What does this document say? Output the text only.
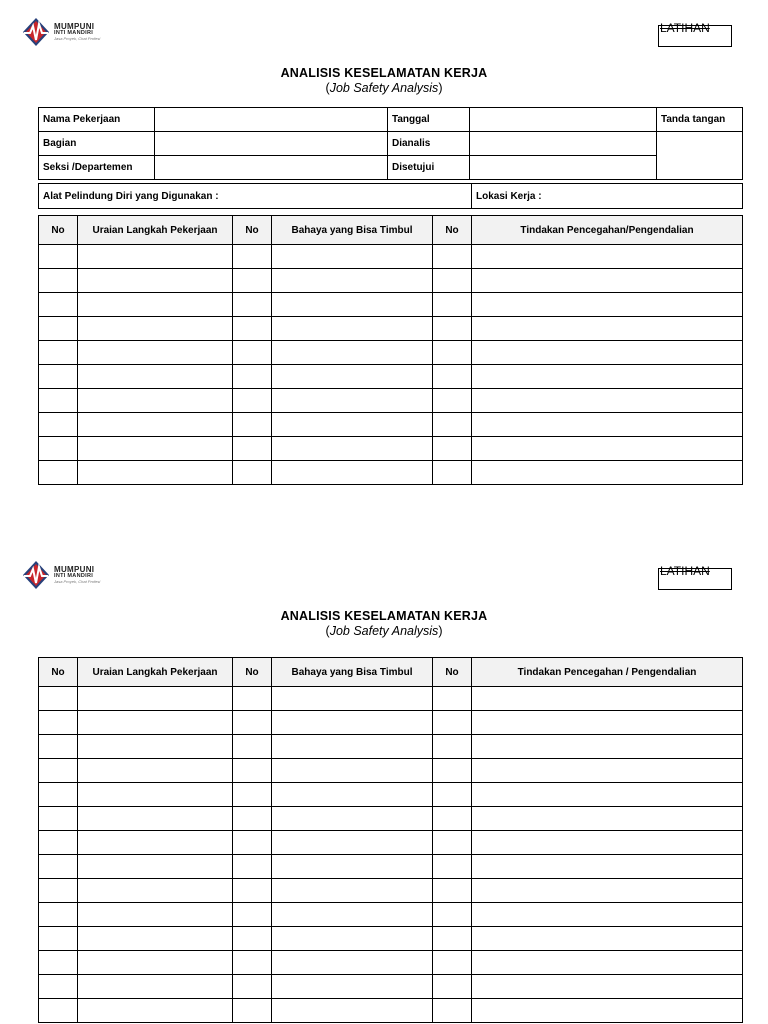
MUMPUNI
INTI MANDIRI
Jasa Proyek, Chat Profesi
LATIHAN
ANALISIS KESELAMATAN KERJA
(Job Safety Analysis)
Nama Pekerjaan		Tanggal		Tanda tangan
Bagian		Dianalis		
Seksi /Departemen		Disetujui		
Alat Pelindung Diri yang Digunakan :	Lokasi Kerja :
No	Uraian Langkah Pekerjaan	No	Bahaya yang Bisa Timbul	No	Tindakan Pencegahan/Pengendalian

MUMPUNI
INTI MANDIRI
Jasa Proyek, Chat Profesi
LATIHAN
ANALISIS KESELAMATAN KERJA
(Job Safety Analysis)
No	Uraian Langkah Pekerjaan	No	Bahaya yang Bisa Timbul	No	Tindakan Pencegahan / Pengendalian
